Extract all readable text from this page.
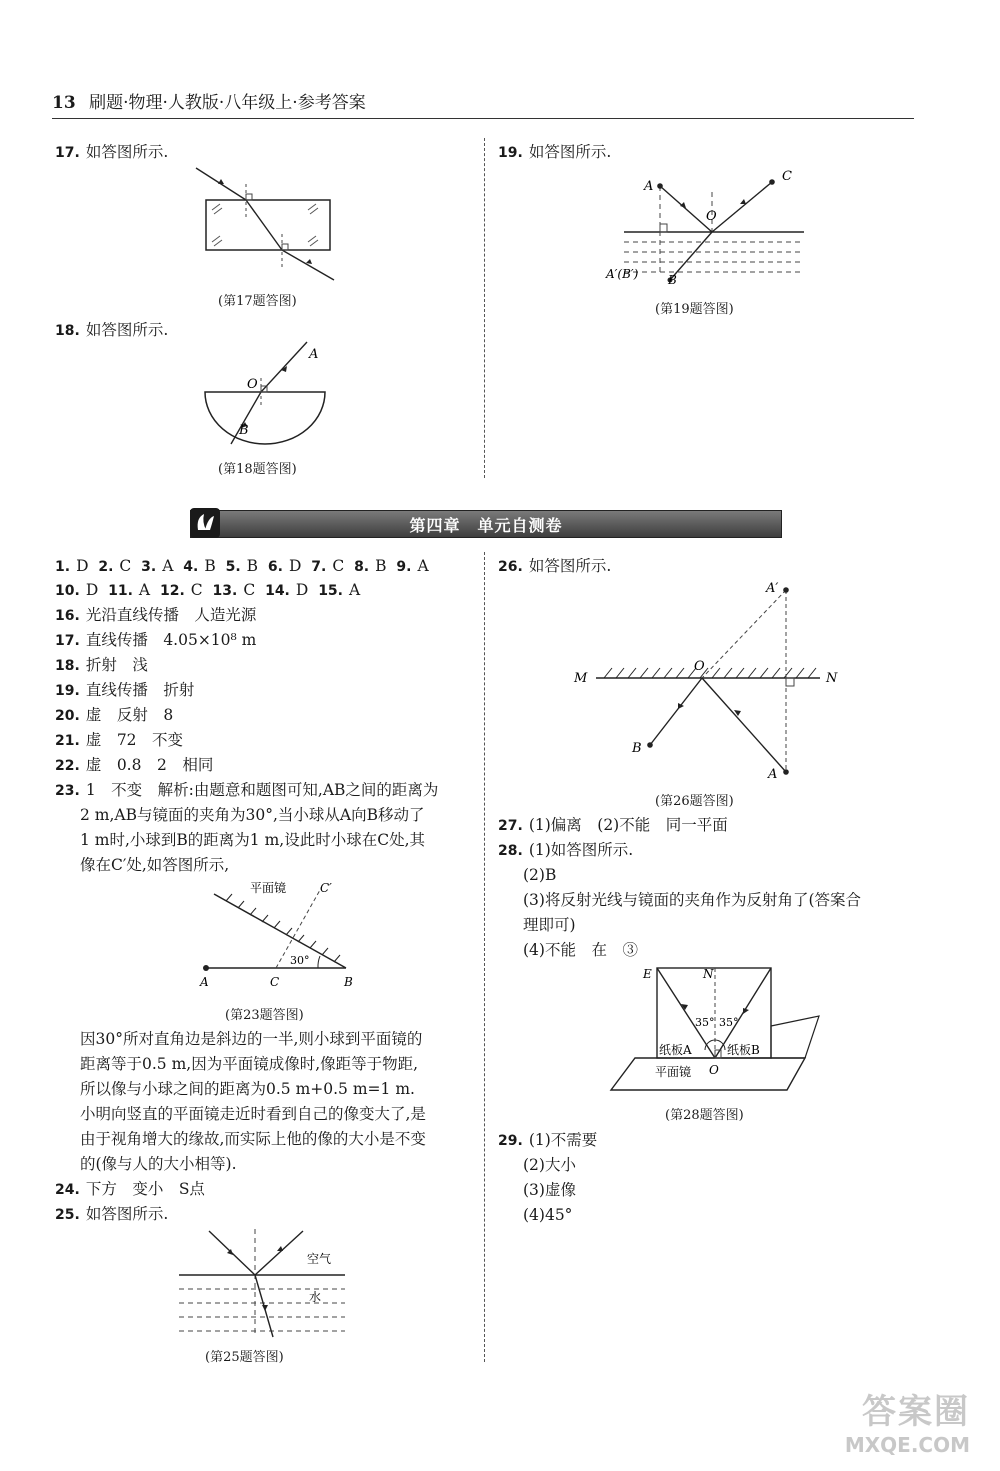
13 刷题·物理·人教版·八年级上·参考答案
17. 如答图所示.
(第17题答图)
18. 如答图所示.
A
O
B
(第18题答图)
19. 如答图所示.
A
C
O
A′(B′) B
(第19题答图)
第四章　单元自测卷
1. D 2. C 3. A 4. B 5. B 6. D 7. C 8. B 9. A
10. D 11. A 12. C 13. C 14. D 15. A
16. 光沿直线传播　人造光源
17. 直线传播　4.05×10⁸ m
18. 折射　浅
19. 直线传播　折射
20. 虚　反射　8
21. 虚　72　不变
22. 虚　0.8　2　相同
23. 1　不变　解析:由题意和题图可知,AB之间的距离为
2 m,AB与镜面的夹角为30°,当小球从A向B移动了
1 m时,小球到B的距离为1 m,设此时小球在C处,其
像在C′处,如答图所示,
平面镜	C′
30°
A	C	B
(第23题答图)
因30°所对直角边是斜边的一半,则小球到平面镜的
距离等于0.5 m,因为平面镜成像时,像距等于物距,
所以像与小球之间的距离为0.5 m+0.5 m=1 m.
小明向竖直的平面镜走近时看到自己的像变大了,是
由于视角增大的缘故,而实际上他的像的大小是不变
的(像与人的大小相等).
24. 下方　变小　S点
25. 如答图所示.
空气
水
(第25题答图)
26. 如答图所示.
A′
M
O
N
B
A
(第26题答图)
27. (1)偏离　(2)不能　同一平面
28. (1)如答图所示.
(2)B
(3)将反射光线与镜面的夹角作为反射角了(答案合
理即可)
(4)不能　在　③
E	N
35° 35°
纸板A	纸板B
平面镜 O
(第28题答图)
29. (1)不需要
(2)大小
(3)虚像
(4)45°
答案圈
MXQE.COM
